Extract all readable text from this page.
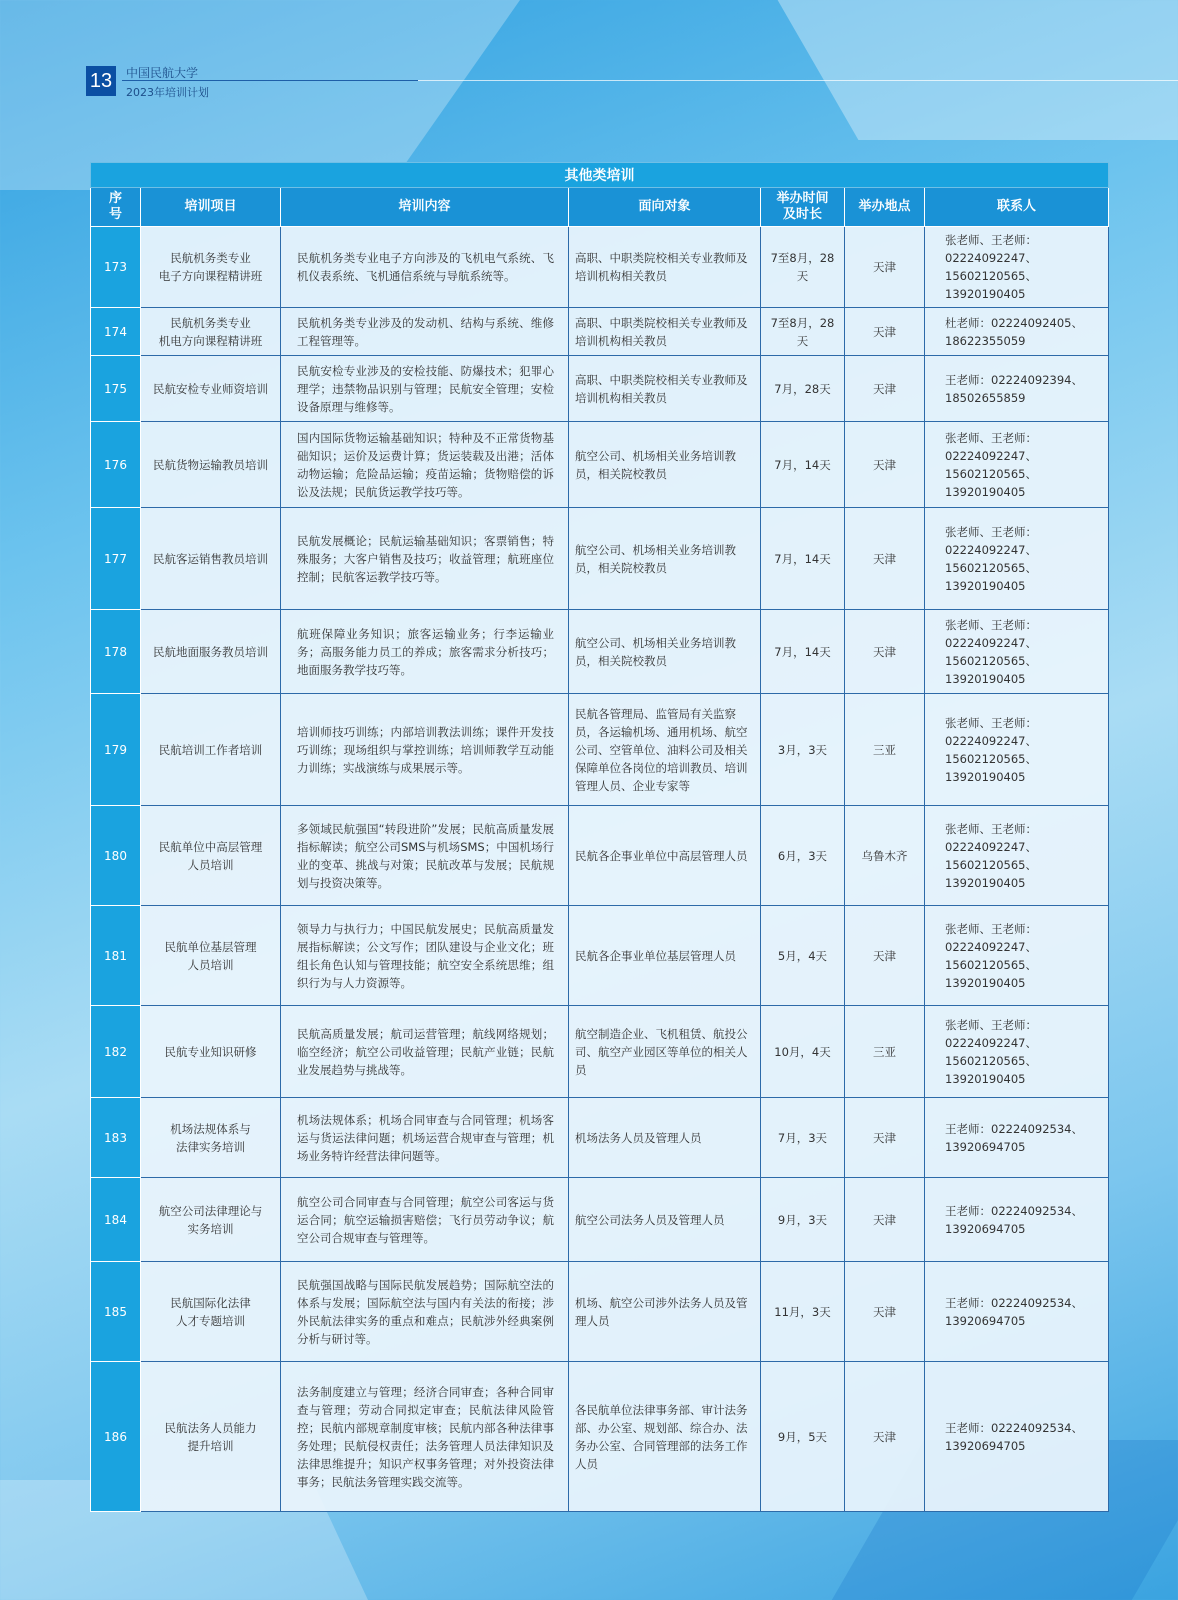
13	中国民航大学
2023年培训计划
其他类培训						
序
号	培训项目	培训内容	面向对象	举办时间
及时长	举办地点	联系人
173	民航机务类专业
电子方向课程精讲班	民航机务类专业电子方向涉及的飞机电气系统、飞机仪表系统、飞机通信系统与导航系统等。	高职、中职类院校相关专业教师及培训机构相关教员	7至8月，28天	天津	张老师、王老师：
02224092247、
15602120565、
13920190405
174	民航机务类专业
机电方向课程精讲班	民航机务类专业涉及的发动机、结构与系统、维修工程管理等。	高职、中职类院校相关专业教师及培训机构相关教员	7至8月，28天	天津	杜老师：02224092405、
18622355059
175	民航安检专业师资培训	民航安检专业涉及的安检技能、防爆技术；犯罪心理学；违禁物品识别与管理；民航安全管理；安检设备原理与维修等。	高职、中职类院校相关专业教师及培训机构相关教员	7月，28天	天津	王老师：02224092394、
18502655859
176	民航货物运输教员培训	国内国际货物运输基础知识；特种及不正常货物基础知识；运价及运费计算；货运装载及出港；活体动物运输；危险品运输；疫苗运输；货物赔偿的诉讼及法规；民航货运教学技巧等。	航空公司、机场相关业务培训教员，相关院校教员	7月，14天	天津	张老师、王老师：
02224092247、
15602120565、
13920190405
177	民航客运销售教员培训	民航发展概论；民航运输基础知识；客票销售；特殊服务；大客户销售及技巧；收益管理；航班座位控制；民航客运教学技巧等。	航空公司、机场相关业务培训教员，相关院校教员	7月，14天	天津	张老师、王老师：
02224092247、
15602120565、
13920190405
178	民航地面服务教员培训	航班保障业务知识；旅客运输业务；行李运输业务；高服务能力员工的养成；旅客需求分析技巧；地面服务教学技巧等。	航空公司、机场相关业务培训教员，相关院校教员	7月，14天	天津	张老师、王老师：
02224092247、
15602120565、
13920190405
179	民航培训工作者培训	培训师技巧训练；内部培训教法训练；课件开发技巧训练；现场组织与掌控训练；培训师教学互动能力训练；实战演练与成果展示等。	民航各管理局、监管局有关监察员，各运输机场、通用机场、航空公司、空管单位、油料公司及相关保障单位各岗位的培训教员、培训管理人员、企业专家等	3月，3天	三亚	张老师、王老师：
02224092247、
15602120565、
13920190405
180	民航单位中高层管理
人员培训	多领域民航强国“转段进阶”发展；民航高质量发展指标解读；航空公司SMS与机场SMS；中国机场行业的变革、挑战与对策；民航改革与发展；民航规划与投资决策等。	民航各企事业单位中高层管理人员	6月，3天	乌鲁木齐	张老师、王老师：
02224092247、
15602120565、
13920190405
181	民航单位基层管理
人员培训	领导力与执行力；中国民航发展史；民航高质量发展指标解读；公文写作；团队建设与企业文化；班组长角色认知与管理技能；航空安全系统思维；组织行为与人力资源等。	民航各企事业单位基层管理人员	5月，4天	天津	张老师、王老师：
02224092247、
15602120565、
13920190405
182	民航专业知识研修	民航高质量发展；航司运营管理；航线网络规划；临空经济；航空公司收益管理；民航产业链；民航业发展趋势与挑战等。	航空制造企业、飞机租赁、航投公司、航空产业园区等单位的相关人员	10月，4天	三亚	张老师、王老师：
02224092247、
15602120565、
13920190405
183	机场法规体系与
法律实务培训	机场法规体系；机场合同审查与合同管理；机场客运与货运法律问题；机场运营合规审查与管理；机场业务特许经营法律问题等。	机场法务人员及管理人员	7月，3天	天津	王老师：02224092534、
13920694705
184	航空公司法律理论与
实务培训	航空公司合同审查与合同管理；航空公司客运与货运合同；航空运输损害赔偿；飞行员劳动争议；航空公司合规审查与管理等。	航空公司法务人员及管理人员	9月，3天	天津	王老师：02224092534、
13920694705
185	民航国际化法律
人才专题培训	民航强国战略与国际民航发展趋势；国际航空法的体系与发展；国际航空法与国内有关法的衔接；涉外民航法律实务的重点和难点；民航涉外经典案例分析与研讨等。	机场、航空公司涉外法务人员及管理人员	11月，3天	天津	王老师：02224092534、
13920694705
186	民航法务人员能力
提升培训	法务制度建立与管理；经济合同审查；各种合同审查与管理；劳动合同拟定审查；民航法律风险管控；民航内部规章制度审核；民航内部各种法律事务处理；民航侵权责任；法务管理人员法律知识及法律思维提升；知识产权事务管理；对外投资法律事务；民航法务管理实践交流等。	各民航单位法律事务部、审计法务部、办公室、规划部、综合办、法务办公室、合同管理部的法务工作人员	9月，5天	天津	王老师：02224092534、
13920694705
